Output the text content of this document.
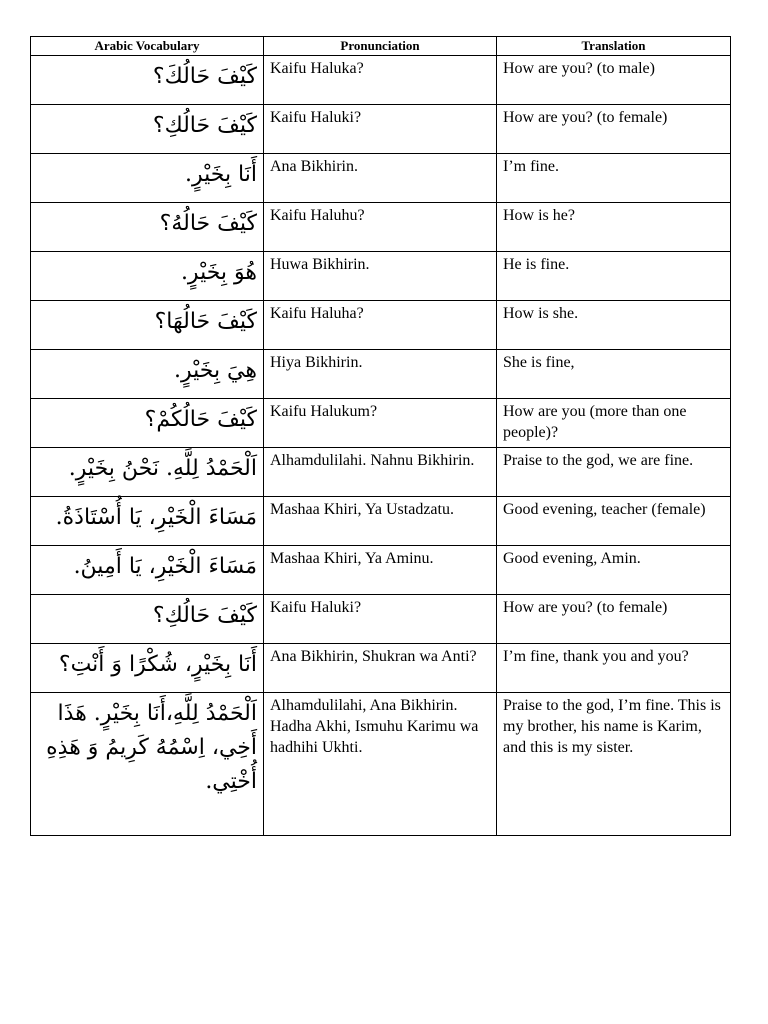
Arabic Vocabulary	Pronunciation	Translation
كَيْفَ حَالُكَ؟	Kaifu Haluka?	How are you? (to male)
كَيْفَ حَالُكِ؟	Kaifu Haluki?	How are you? (to female)
أَنَا بِخَيْرٍ.	Ana Bikhirin.	I’m fine.
كَيْفَ حَالُهُ؟	Kaifu Haluhu?	How is he?
هُوَ بِخَيْرٍ.	Huwa Bikhirin.	He is fine.
كَيْفَ حَالُهَا؟	Kaifu Haluha?	How is she.
هِيَ بِخَيْرٍ.	Hiya Bikhirin.	She is fine,
كَيْفَ حَالُكُمْ؟	Kaifu Halukum?	How are you (more than one people)?
اَلْحَمْدُ لِلَّهِ. نَحْنُ بِخَيْرٍ.	Alhamdulilahi. Nahnu Bikhirin.	Praise to the god, we are fine.
مَسَاءَ الْخَيْرِ، يَا أُسْتَاذَةُ.	Mashaa Khiri, Ya Ustadzatu.	Good evening, teacher (female)
مَسَاءَ الْخَيْرِ، يَا أَمِينُ.	Mashaa Khiri, Ya Aminu.	Good evening, Amin.
كَيْفَ حَالُكِ؟	Kaifu Haluki?	How are you? (to female)
أَنَا بِخَيْرٍ، شُكْرًا وَ أَنْتِ؟	Ana Bikhirin, Shukran wa Anti?	I’m fine, thank you and you?
اَلْحَمْدُ لِلَّهِ،أَنَا بِخَيْرٍ. هَذَا أَخِي، اِسْمُهُ كَرِيمُ وَ هَذِهِ أُخْتِي.	Alhamdulilahi, Ana Bikhirin. Hadha Akhi, Ismuhu Karimu wa hadhihi Ukhti.	Praise to the god, I’m fine. This is my brother, his name is Karim, and this is my sister.
